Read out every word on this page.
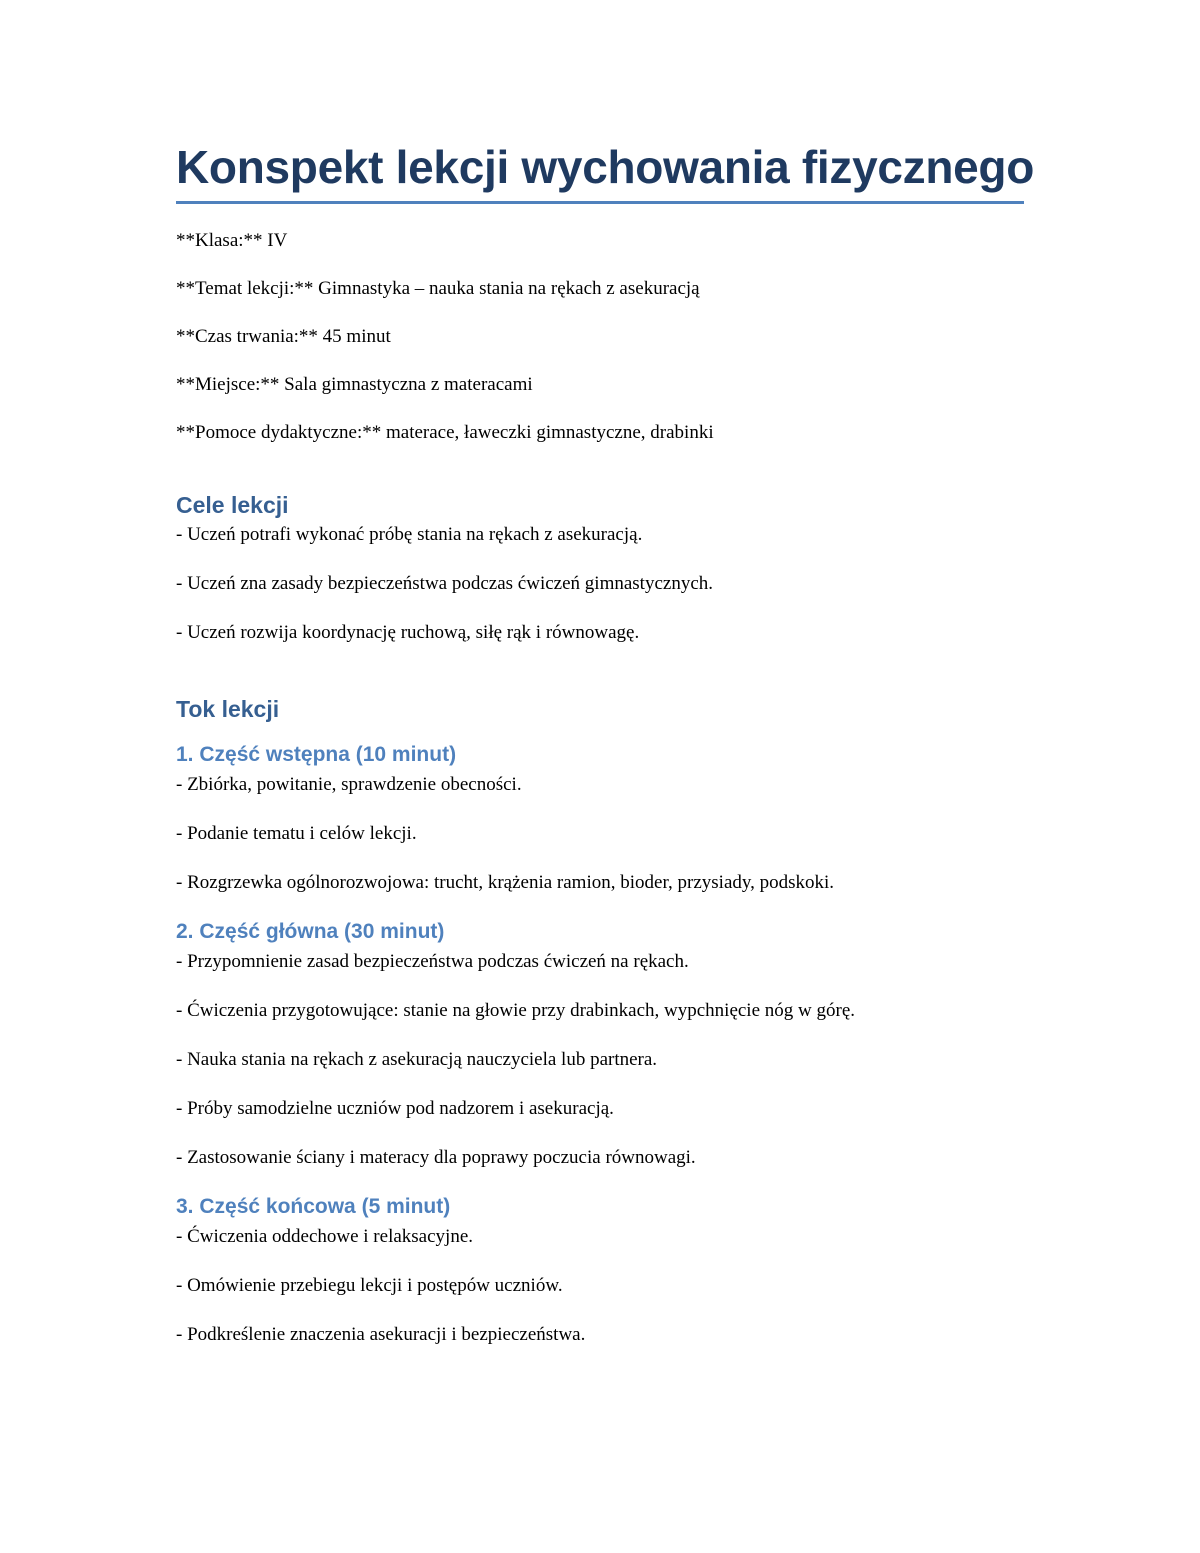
Konspekt lekcji wychowania fizycznego

**Klasa:** IV

**Temat lekcji:** Gimnastyka – nauka stania na rękach z asekuracją

**Czas trwania:** 45 minut

**Miejsce:** Sala gimnastyczna z materacami

**Pomoce dydaktyczne:** materace, ławeczki gimnastyczne, drabinki

Cele lekcji

- Uczeń potrafi wykonać próbę stania na rękach z asekuracją.

- Uczeń zna zasady bezpieczeństwa podczas ćwiczeń gimnastycznych.

- Uczeń rozwija koordynację ruchową, siłę rąk i równowagę.

Tok lekcji
1. Część wstępna (10 minut)

- Zbiórka, powitanie, sprawdzenie obecności.

- Podanie tematu i celów lekcji.

- Rozgrzewka ogólnorozwojowa: trucht, krążenia ramion, bioder, przysiady, podskoki.

2. Część główna (30 minut)

- Przypomnienie zasad bezpieczeństwa podczas ćwiczeń na rękach.

- Ćwiczenia przygotowujące: stanie na głowie przy drabinkach, wypchnięcie nóg w górę.

- Nauka stania na rękach z asekuracją nauczyciela lub partnera.

- Próby samodzielne uczniów pod nadzorem i asekuracją.

- Zastosowanie ściany i materacy dla poprawy poczucia równowagi.

3. Część końcowa (5 minut)

- Ćwiczenia oddechowe i relaksacyjne.

- Omówienie przebiegu lekcji i postępów uczniów.

- Podkreślenie znaczenia asekuracji i bezpieczeństwa.
